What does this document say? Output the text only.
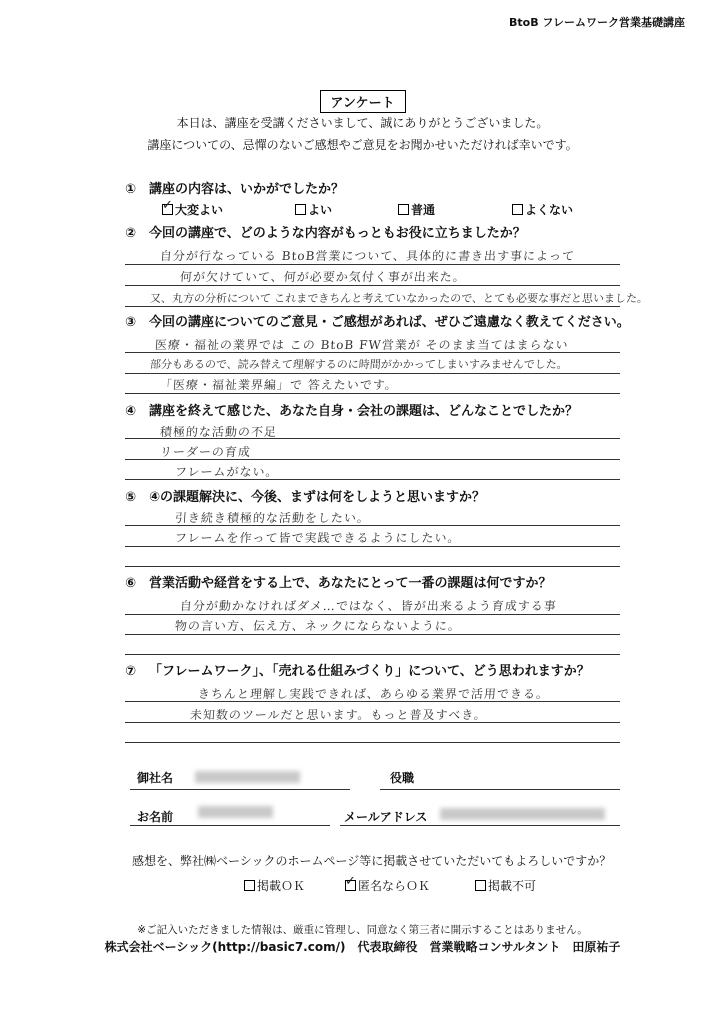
BtoB フレームワーク営業基礎講座
アンケート
本日は、講座を受講くださいまして、誠にありがとうございました。
講座についての、忌憚のないご感想やご意見をお聞かせいただければ幸いです。
① 講座の内容は、いかがでしたか？
✓大変よい	よい	普通	よくない
② 今回の講座で、どのような内容がもっともお役に立ちましたか？
自分が行なっている BtoB営業について、具体的に書き出す事によって
何が欠けていて、何が必要か気付く事が出来た。
又、丸方の分析について これまできちんと考えていなかったので、とても必要な事だと思いました。
③ 今回の講座についてのご意見・ご感想があれば、ぜひご遠慮なく教えてください。
医療・福祉の業界では この BtoB FW営業が そのまま当てはまらない
部分もあるので、読み替えて理解するのに時間がかかってしまいすみませんでした。
「医療・福祉業界編」で 答えたいです。
④ 講座を終えて感じた、あなた自身・会社の課題は、どんなことでしたか？
積極的な活動の不足
リーダーの育成
フレームがない。
⑤ ④の課題解決に、今後、まずは何をしようと思いますか？
引き続き積極的な活動をしたい。
フレームを作って皆で実践できるようにしたい。
⑥ 営業活動や経営をする上で、あなたにとって一番の課題は何ですか？
自分が動かなければダメ…ではなく、皆が出来るよう育成する事
物の言い方、伝え方、ネックにならないように。
⑦ 「フレームワーク」、「売れる仕組みづくり」について、どう思われますか？
きちんと理解し実践できれば、あらゆる業界で活用できる。
未知数のツールだと思います。もっと普及すべき。
御社名	役職
お名前	メールアドレス
感想を、弊社㈱ベーシックのホームページ等に掲載させていただいてもよろしいですか？
掲載ＯＫ
✓	匿名ならＯＫ	掲載不可
※ご記入いただきました情報は、厳重に管理し、同意なく第三者に開示することはありません。
株式会社ベーシック(http://basic7.com/)　代表取締役　営業戦略コンサルタント　田原祐子
